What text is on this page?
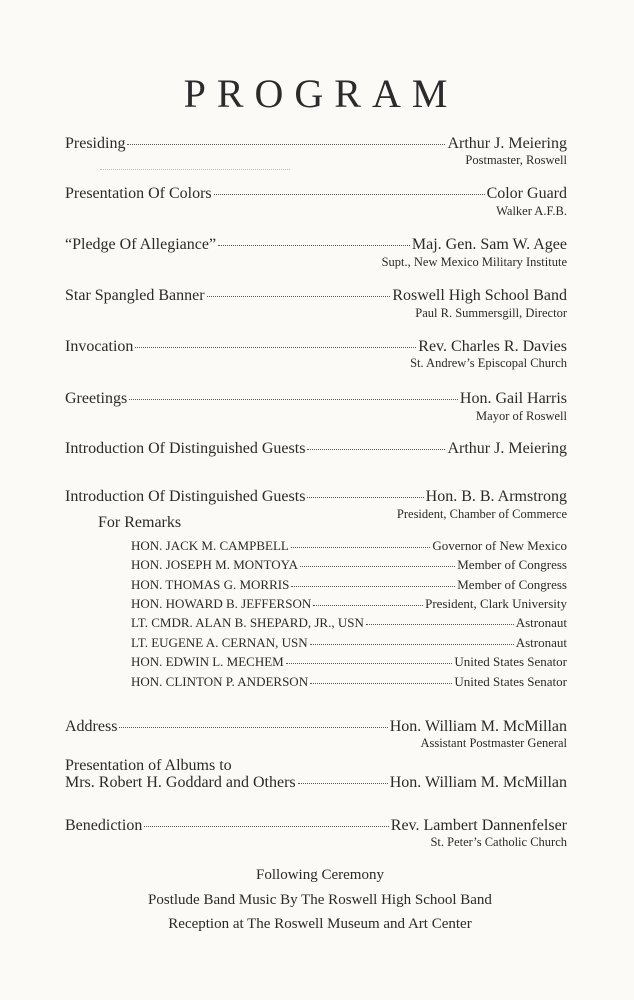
PROGRAM
Presiding	Arthur J. Meiering
Postmaster, Roswell
Presentation Of Colors	Color Guard
Walker A.F.B.
“Pledge Of Allegiance”	Maj. Gen. Sam W. Agee
Supt., New Mexico Military Institute
Star Spangled Banner	Roswell High School Band
Paul R. Summersgill, Director
Invocation	Rev. Charles R. Davies
St. Andrew’s Episcopal Church
Greetings	Hon. Gail Harris
Mayor of Roswell
Introduction Of Distinguished Guests	Arthur J. Meiering
Introduction Of Distinguished Guests	Hon. B. B. Armstrong
President, Chamber of Commerce
For Remarks
HON. JACK M. CAMPBELL	Governor of New Mexico
HON. JOSEPH M. MONTOYA	Member of Congress
HON. THOMAS G. MORRIS	Member of Congress
HON. HOWARD B. JEFFERSON	President, Clark University
LT. CMDR. ALAN B. SHEPARD, JR., USN	Astronaut
LT. EUGENE A. CERNAN, USN	Astronaut
HON. EDWIN L. MECHEM	United States Senator
HON. CLINTON P. ANDERSON	United States Senator
Address	Hon. William M. McMillan
Assistant Postmaster General
Presentation of Albums to
Mrs. Robert H. Goddard and Others	Hon. William M. McMillan
Benediction	Rev. Lambert Dannenfelser
St. Peter’s Catholic Church
Following Ceremony
Postlude Band Music By The Roswell High School Band
Reception at The Roswell Museum and Art Center
